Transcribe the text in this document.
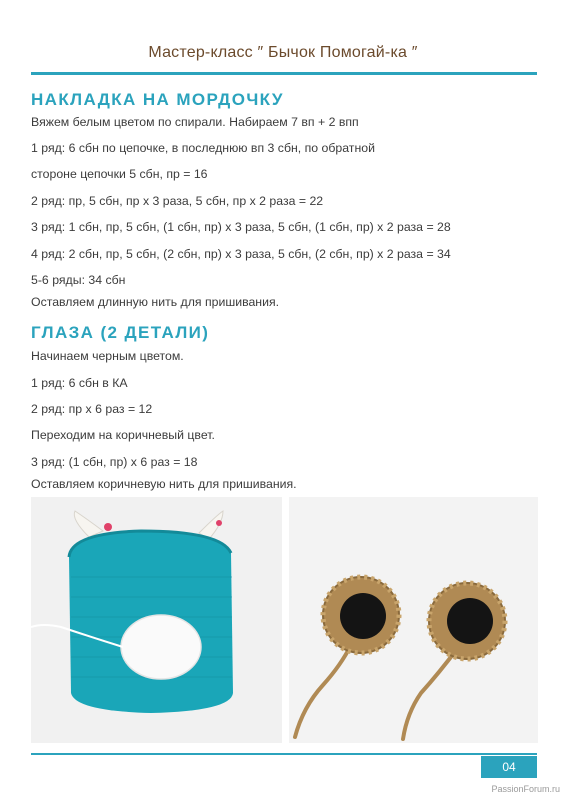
Мастер-класс ″ Бычок Помогай-ка ″
НАКЛАДКА НА МОРДОЧКУ
Вяжем белым цветом по спирали. Набираем 7 вп + 2 впп
1 ряд: 6 сбн по цепочке, в последнюю вп 3 сбн, по обратной
стороне цепочки 5 сбн, пр = 16
2 ряд: пр, 5 сбн, пр х 3 раза, 5 сбн, пр х 2 раза = 22
3 ряд: 1 сбн, пр, 5 сбн, (1 сбн, пр) х 3 раза, 5 сбн, (1 сбн, пр) х 2 раза = 28
4 ряд: 2 сбн, пр, 5 сбн, (2 сбн, пр) х 3 раза, 5 сбн, (2 сбн, пр) х 2 раза = 34
5-6 ряды: 34 сбн
Оставляем длинную нить для пришивания.
ГЛАЗА (2 ДЕТАЛИ)
Начинаем черным цветом.
1 ряд: 6 сбн в КА
2 ряд: пр х 6 раз = 12
Переходим на коричневый цвет.
3 ряд: (1 сбн, пр) х 6 раз = 18
Оставляем коричневую нить для пришивания.
04
PassionForum.ru
